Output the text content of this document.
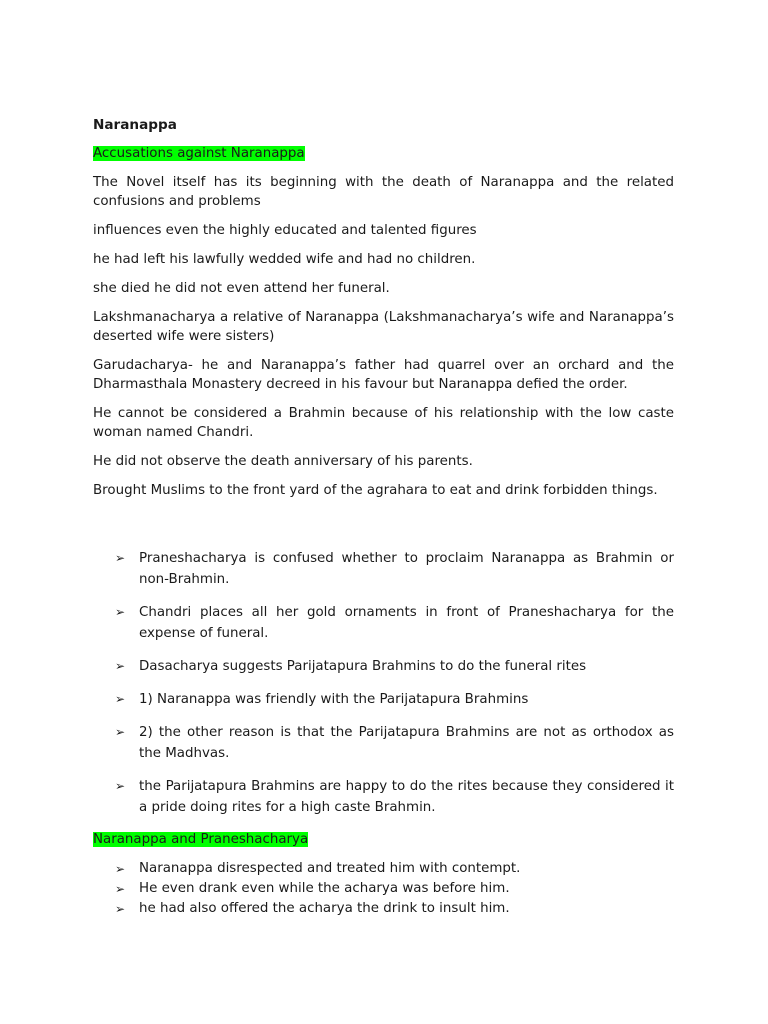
Naranappa
Accusations against Naranappa

The Novel itself has its beginning with the death of Naranappa and the related confusions and problems

influences even the highly educated and talented figures

he had left his lawfully wedded wife and had no children.

she died he did not even attend her funeral.

Lakshmanacharya a relative of Naranappa (Lakshmanacharya’s wife and Naranappa’s deserted wife were sisters)

Garudacharya- he and Naranappa’s father had quarrel over an orchard and the Dharmasthala Monastery decreed in his favour but Naranappa defied the order.

He cannot be considered a Brahmin because of his relationship with the low caste woman named Chandri.

He did not observe the death anniversary of his parents.

Brought Muslims to the front yard of the agrahara to eat and drink forbidden things.

➢ Praneshacharya is confused whether to proclaim Naranappa as Brahmin or non-Brahmin.
➢ Chandri places all her gold ornaments in front of Praneshacharya for the expense of funeral.
➢ Dasacharya suggests Parijatapura Brahmins to do the funeral rites
➢ 1) Naranappa was friendly with the Parijatapura Brahmins
➢ 2) the other reason is that the Parijatapura Brahmins are not as orthodox as the Madhvas.
➢ the Parijatapura Brahmins are happy to do the rites because they considered it a pride doing rites for a high caste Brahmin.
Naranappa and Praneshacharya
➢ Naranappa disrespected and treated him with contempt.
➢ He even drank even while the acharya was before him.
➢ he had also offered the acharya the drink to insult him.
